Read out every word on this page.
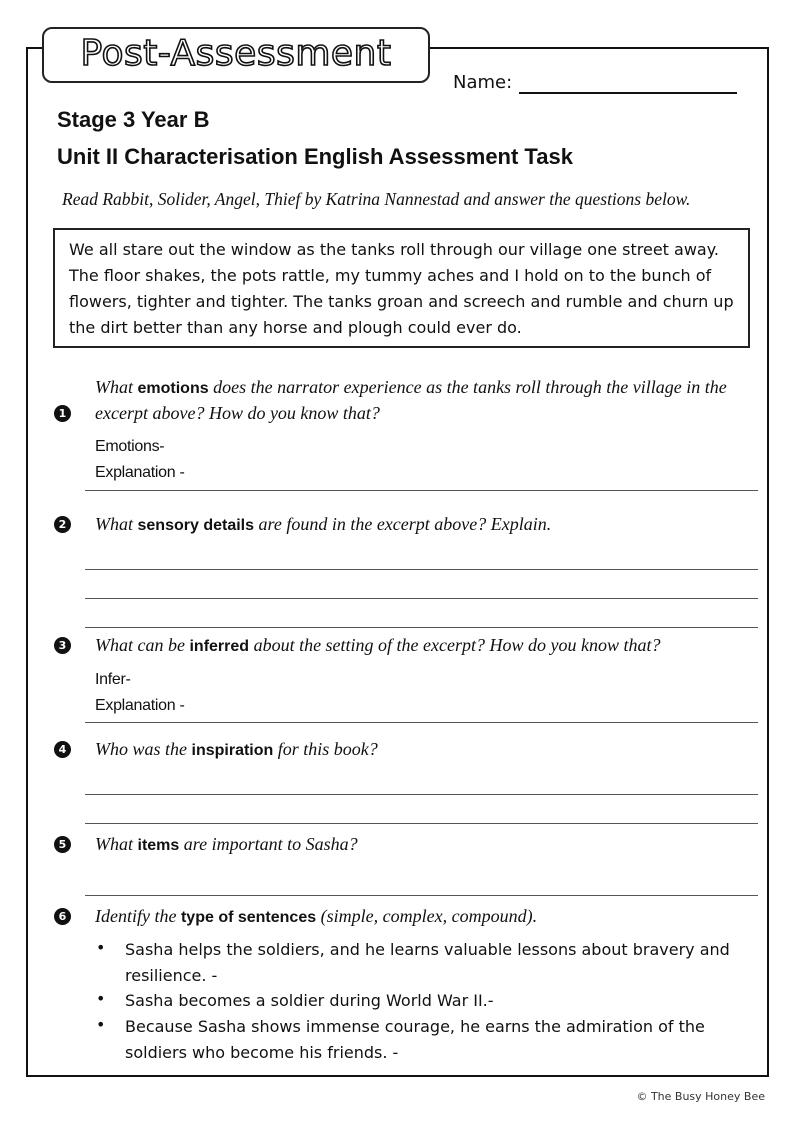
Post-Assessment
Name:
Stage 3 Year B
Unit II Characterisation English Assessment Task
Read Rabbit, Solider, Angel, Thief by Katrina Nannestad and answer the questions below.
We all stare out the window as the tanks roll through our village one street away. The floor shakes, the pots rattle, my tummy aches and I hold on to the bunch of flowers, tighter and tighter. The tanks groan and screech and rumble and churn up the dirt better than any horse and plough could ever do.
1
What emotions does the narrator experience as the tanks roll through the village in the excerpt above? How do you know that?
Emotions-
Explanation -
2 What sensory details are found in the excerpt above? Explain.
3 What can be inferred about the setting of the excerpt? How do you know that?
Infer-
Explanation -
4 Who was the inspiration for this book?
5 What items are important to Sasha?
6 Identify the type of sentences (simple, complex, compound).
• Sasha helps the soldiers, and he learns valuable lessons about bravery and resilience. -
• Sasha becomes a soldier during World War II.-
• Because Sasha shows immense courage, he earns the admiration of the soldiers who become his friends. -
© The Busy Honey Bee
